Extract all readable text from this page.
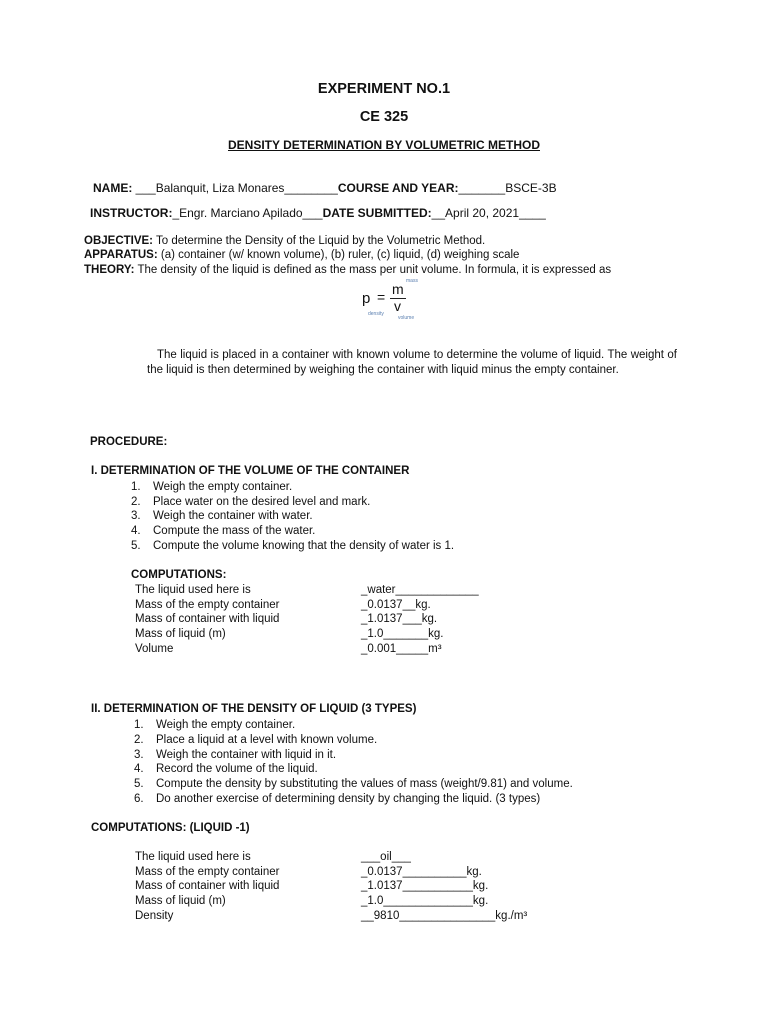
EXPERIMENT NO.1
CE 325
DENSITY DETERMINATION BY VOLUMETRIC METHOD
NAME: ___Balanquit, Liza Monares________COURSE AND YEAR:_______BSCE-3B
INSTRUCTOR:_Engr. Marciano Apilado___DATE SUBMITTED:__April 20, 2021____
OBJECTIVE: To determine the Density of the Liquid by the Volumetric Method.
APPARATUS: (a) container (w/ known volume), (b) ruler, (c) liquid, (d) weighing scale
THEORY: The density of the liquid is defined as the mass per unit volume. In formula, it is expressed as
p = m
v
mass
density
volume
The liquid is placed in a container with known volume to determine the volume of liquid. The weight of the liquid is then determined by weighing the container with liquid minus the empty container.
PROCEDURE:
I. DETERMINATION OF THE VOLUME OF THE CONTAINER
1. Weigh the empty container.
2. Place water on the desired level and mark.
3. Weigh the container with water.
4. Compute the mass of the water.
5. Compute the volume knowing that the density of water is 1.
COMPUTATIONS:
The liquid used here is
Mass of the empty container
Mass of container with liquid
Mass of liquid (m)
Volume
_water_____________
_0.0137__kg.
_1.0137___kg.
_1.0_______kg.
_0.001_____m³
II. DETERMINATION OF THE DENSITY OF LIQUID (3 TYPES)
1. Weigh the empty container.
2. Place a liquid at a level with known volume.
3. Weigh the container with liquid in it.
4. Record the volume of the liquid.
5. Compute the density by substituting the values of mass (weight/9.81) and volume.
6. Do another exercise of determining density by changing the liquid. (3 types)
COMPUTATIONS: (LIQUID -1)
The liquid used here is
Mass of the empty container
Mass of container with liquid
Mass of liquid (m)
Density
___oil___
_0.0137__________kg.
_1.0137___________kg.
_1.0______________kg.
__9810_______________kg./m³
